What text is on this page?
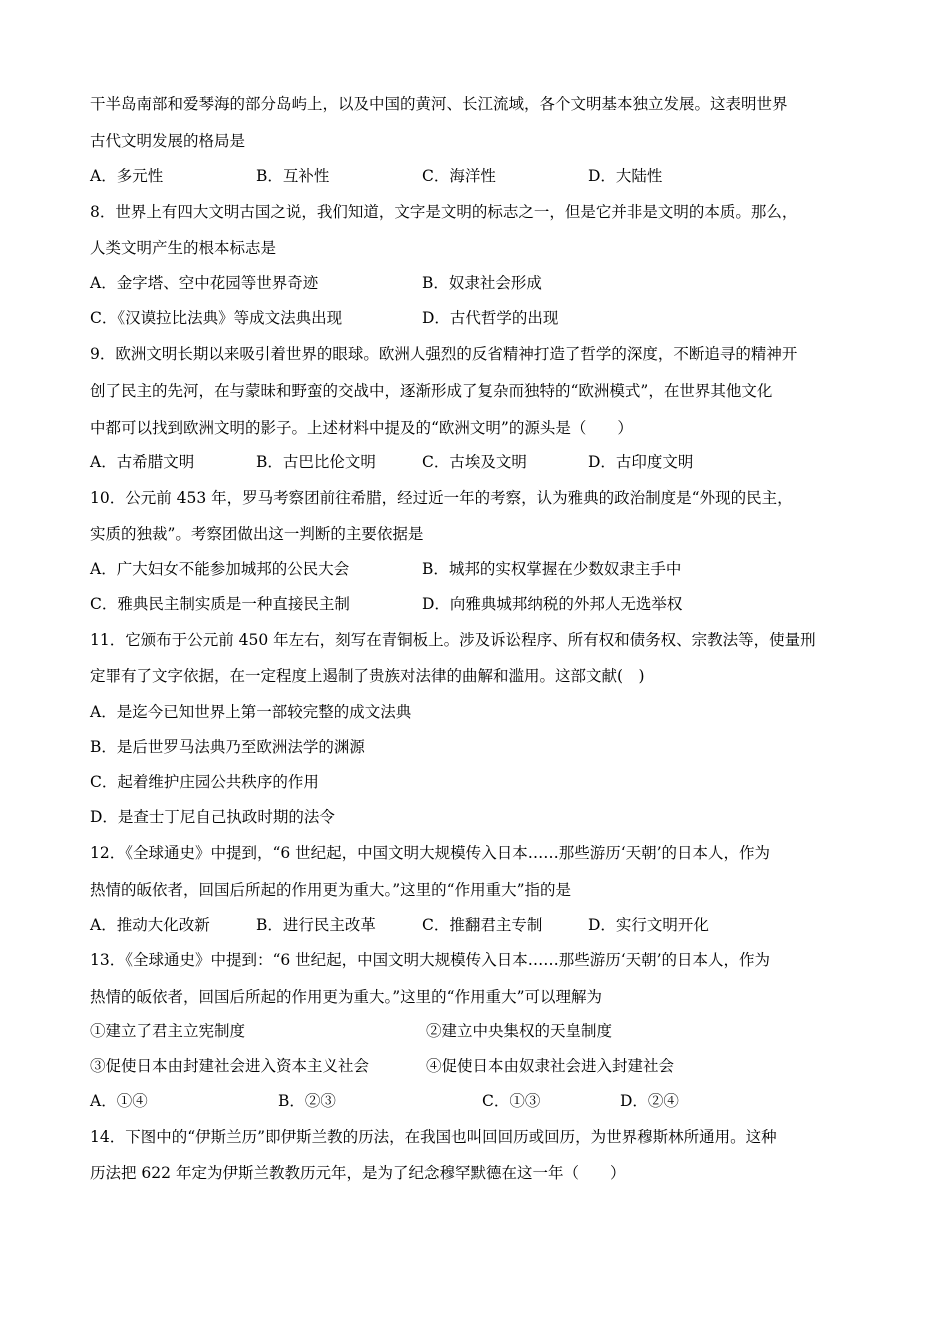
干半岛南部和爱琴海的部分岛屿上，以及中国的黄河、长江流域，各个文明基本独立发展。这表明世界
古代文明发展的格局是
A．多元性	B．互补性	C．海洋性	D．大陆性
8．世界上有四大文明古国之说，我们知道，文字是文明的标志之一，但是它并非是文明的本质。那么，
人类文明产生的根本标志是
A．金字塔、空中花园等世界奇迹	B．奴隶社会形成
C．《汉谟拉比法典》等成文法典出现	D．古代哲学的出现
9．欧洲文明长期以来吸引着世界的眼球。欧洲人强烈的反省精神打造了哲学的深度，不断追寻的精神开
创了民主的先河，在与蒙昧和野蛮的交战中，逐渐形成了复杂而独特的“欧洲模式”，在世界其他文化
中都可以找到欧洲文明的影子。上述材料中提及的“欧洲文明”的源头是（　　）
A．古希腊文明	B．古巴比伦文明	C．古埃及文明	D．古印度文明
10．公元前 453 年，罗马考察团前往希腊，经过近一年的考察，认为雅典的政治制度是“外现的民主，
实质的独裁”。考察团做出这一判断的主要依据是
A．广大妇女不能参加城邦的公民大会	B．城邦的实权掌握在少数奴隶主手中
C．雅典民主制实质是一种直接民主制	D．向雅典城邦纳税的外邦人无选举权
11．它颁布于公元前 450 年左右，刻写在青铜板上。涉及诉讼程序、所有权和债务权、宗教法等，使量刑
定罪有了文字依据，在一定程度上遏制了贵族对法律的曲解和滥用。这部文献(　)
A．是迄今已知世界上第一部较完整的成文法典
B．是后世罗马法典乃至欧洲法学的渊源
C．起着维护庄园公共秩序的作用
D．是查士丁尼自己执政时期的法令
12．《全球通史》中提到，“6 世纪起，中国文明大规模传入日本……那些游历‘天朝’的日本人，作为
热情的皈依者，回国后所起的作用更为重大。”这里的“作用重大”指的是
A．推动大化改新	B．进行民主改革	C．推翻君主专制	D．实行文明开化
13．《全球通史》中提到：“6 世纪起，中国文明大规模传入日本……那些游历‘天朝’的日本人，作为
热情的皈依者，回国后所起的作用更为重大。”这里的“作用重大”可以理解为
①建立了君主立宪制度	②建立中央集权的天皇制度
③促使日本由封建社会进入资本主义社会	④促使日本由奴隶社会进入封建社会
A．①④	B．②③	C．①③	D．②④
14．下图中的“伊斯兰历”即伊斯兰教的历法，在我国也叫回回历或回历，为世界穆斯林所通用。这种
历法把 622 年定为伊斯兰教教历元年，是为了纪念穆罕默德在这一年（　　）
